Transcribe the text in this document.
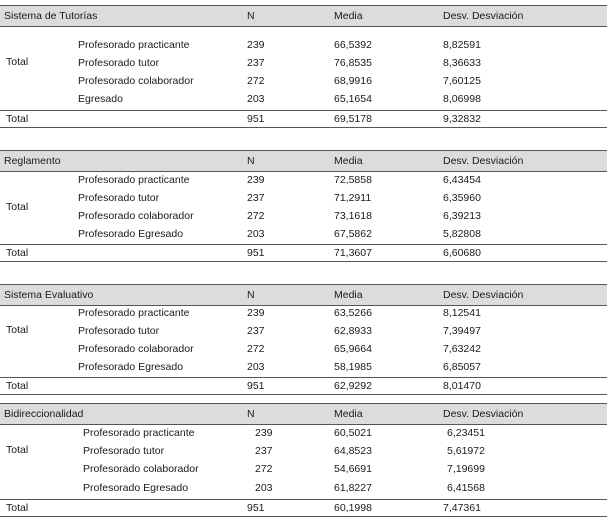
Sistema de Tutorías	N	Media	Desv. Desviación
Total
Profesorado practicante	239	66,5392	8,82591
Profesorado tutor	237	76,8535	8,36633
Profesorado colaborador	272	68,9916	7,60125
Egresado	203	65,1654	8,06998
Total	951	69,5178	9,32832
Reglamento	N	Media	Desv. Desviación
Total
Profesorado practicante	239	72,5858	6,43454
Profesorado tutor	237	71,2911	6,35960
Profesorado colaborador	272	73,1618	6,39213
Profesorado Egresado	203	67,5862	5,82808
Total	951	71,3607	6,60680
Sistema Evaluativo	N	Media	Desv. Desviación
Total
Profesorado practicante	239	63,5266	8,12541
Profesorado tutor	237	62,8933	7,39497
Profesorado colaborador	272	65,9664	7,63242
Profesorado Egresado	203	58,1985	6,85057
Total	951	62,9292	8,01470
Bidireccionalidad	N	Media	Desv. Desviación
Total
Profesorado practicante	239	60,5021	6,23451
Profesorado tutor	237	64,8523	5,61972
Profesorado colaborador	272	54,6691	7,19699
Profesorado Egresado	203	61,8227	6,41568
Total	951	60,1998	7,47361
